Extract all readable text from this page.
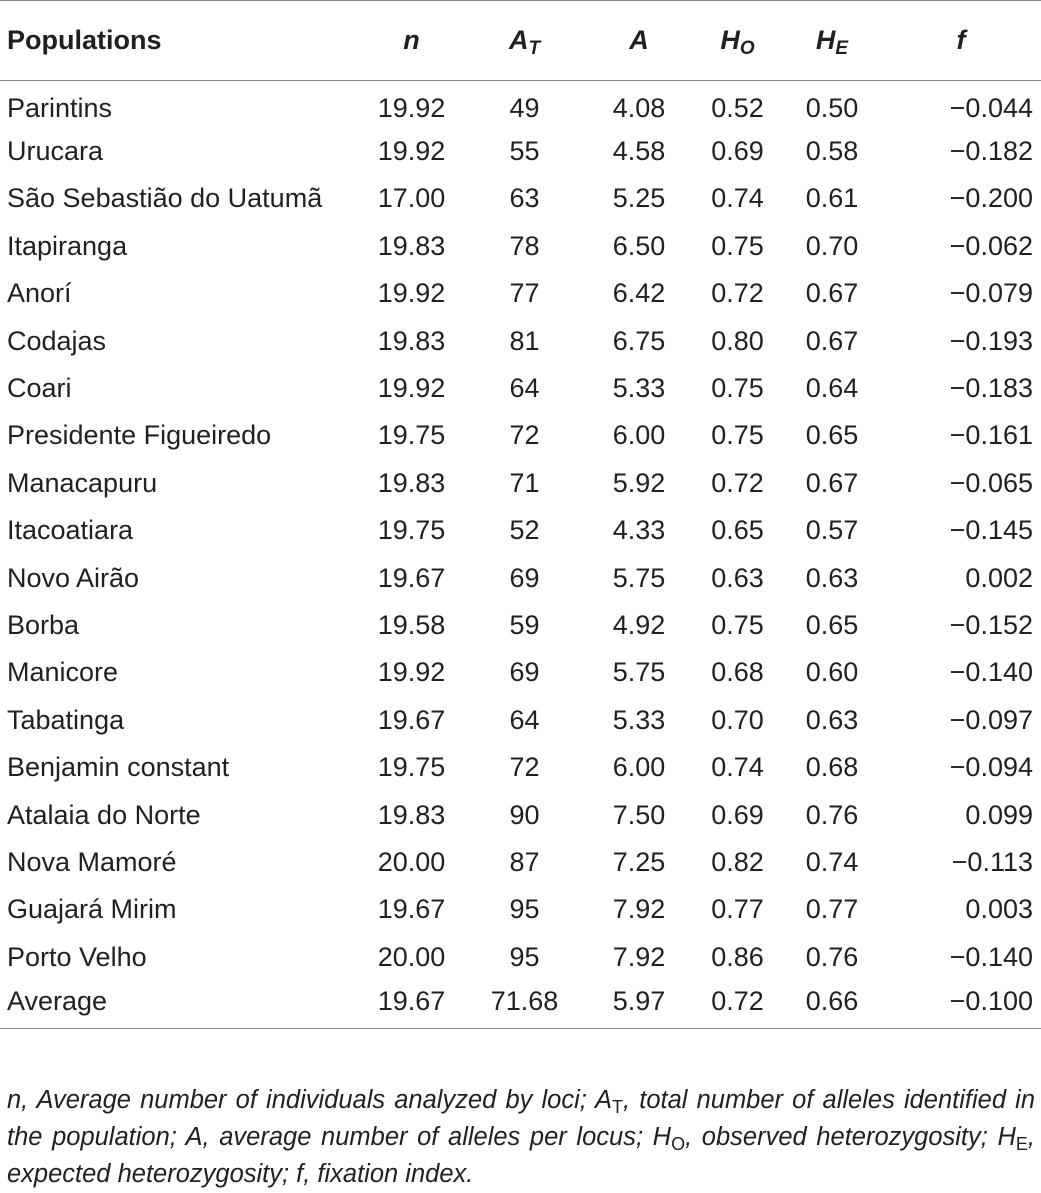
Populations	n	$A_T$	A	$H_O$	$H_E$	f
Parintins	19.92	49	4.08	0.52	0.50	−0.044
Urucara	19.92	55	4.58	0.69	0.58	−0.182
São Sebastião do Uatumã	17.00	63	5.25	0.74	0.61	−0.200
Itapiranga	19.83	78	6.50	0.75	0.70	−0.062
Anorí	19.92	77	6.42	0.72	0.67	−0.079
Codajas	19.83	81	6.75	0.80	0.67	−0.193
Coari	19.92	64	5.33	0.75	0.64	−0.183
Presidente Figueiredo	19.75	72	6.00	0.75	0.65	−0.161
Manacapuru	19.83	71	5.92	0.72	0.67	−0.065
Itacoatiara	19.75	52	4.33	0.65	0.57	−0.145
Novo Airão	19.67	69	5.75	0.63	0.63	0.002
Borba	19.58	59	4.92	0.75	0.65	−0.152
Manicore	19.92	69	5.75	0.68	0.60	−0.140
Tabatinga	19.67	64	5.33	0.70	0.63	−0.097
Benjamin constant	19.75	72	6.00	0.74	0.68	−0.094
Atalaia do Norte	19.83	90	7.50	0.69	0.76	0.099
Nova Mamoré	20.00	87	7.25	0.82	0.74	−0.113
Guajará Mirim	19.67	95	7.92	0.77	0.77	0.003
Porto Velho	20.00	95	7.92	0.86	0.76	−0.140
Average	19.67	71.68	5.97	0.72	0.66	−0.100

n, Average number of individuals analyzed by loci; $A_T$, total number of alleles identified in the population; A, average number of alleles per locus; $H_O$, observed heterozygosity; $H_E$, expected heterozygosity; f, fixation index.
